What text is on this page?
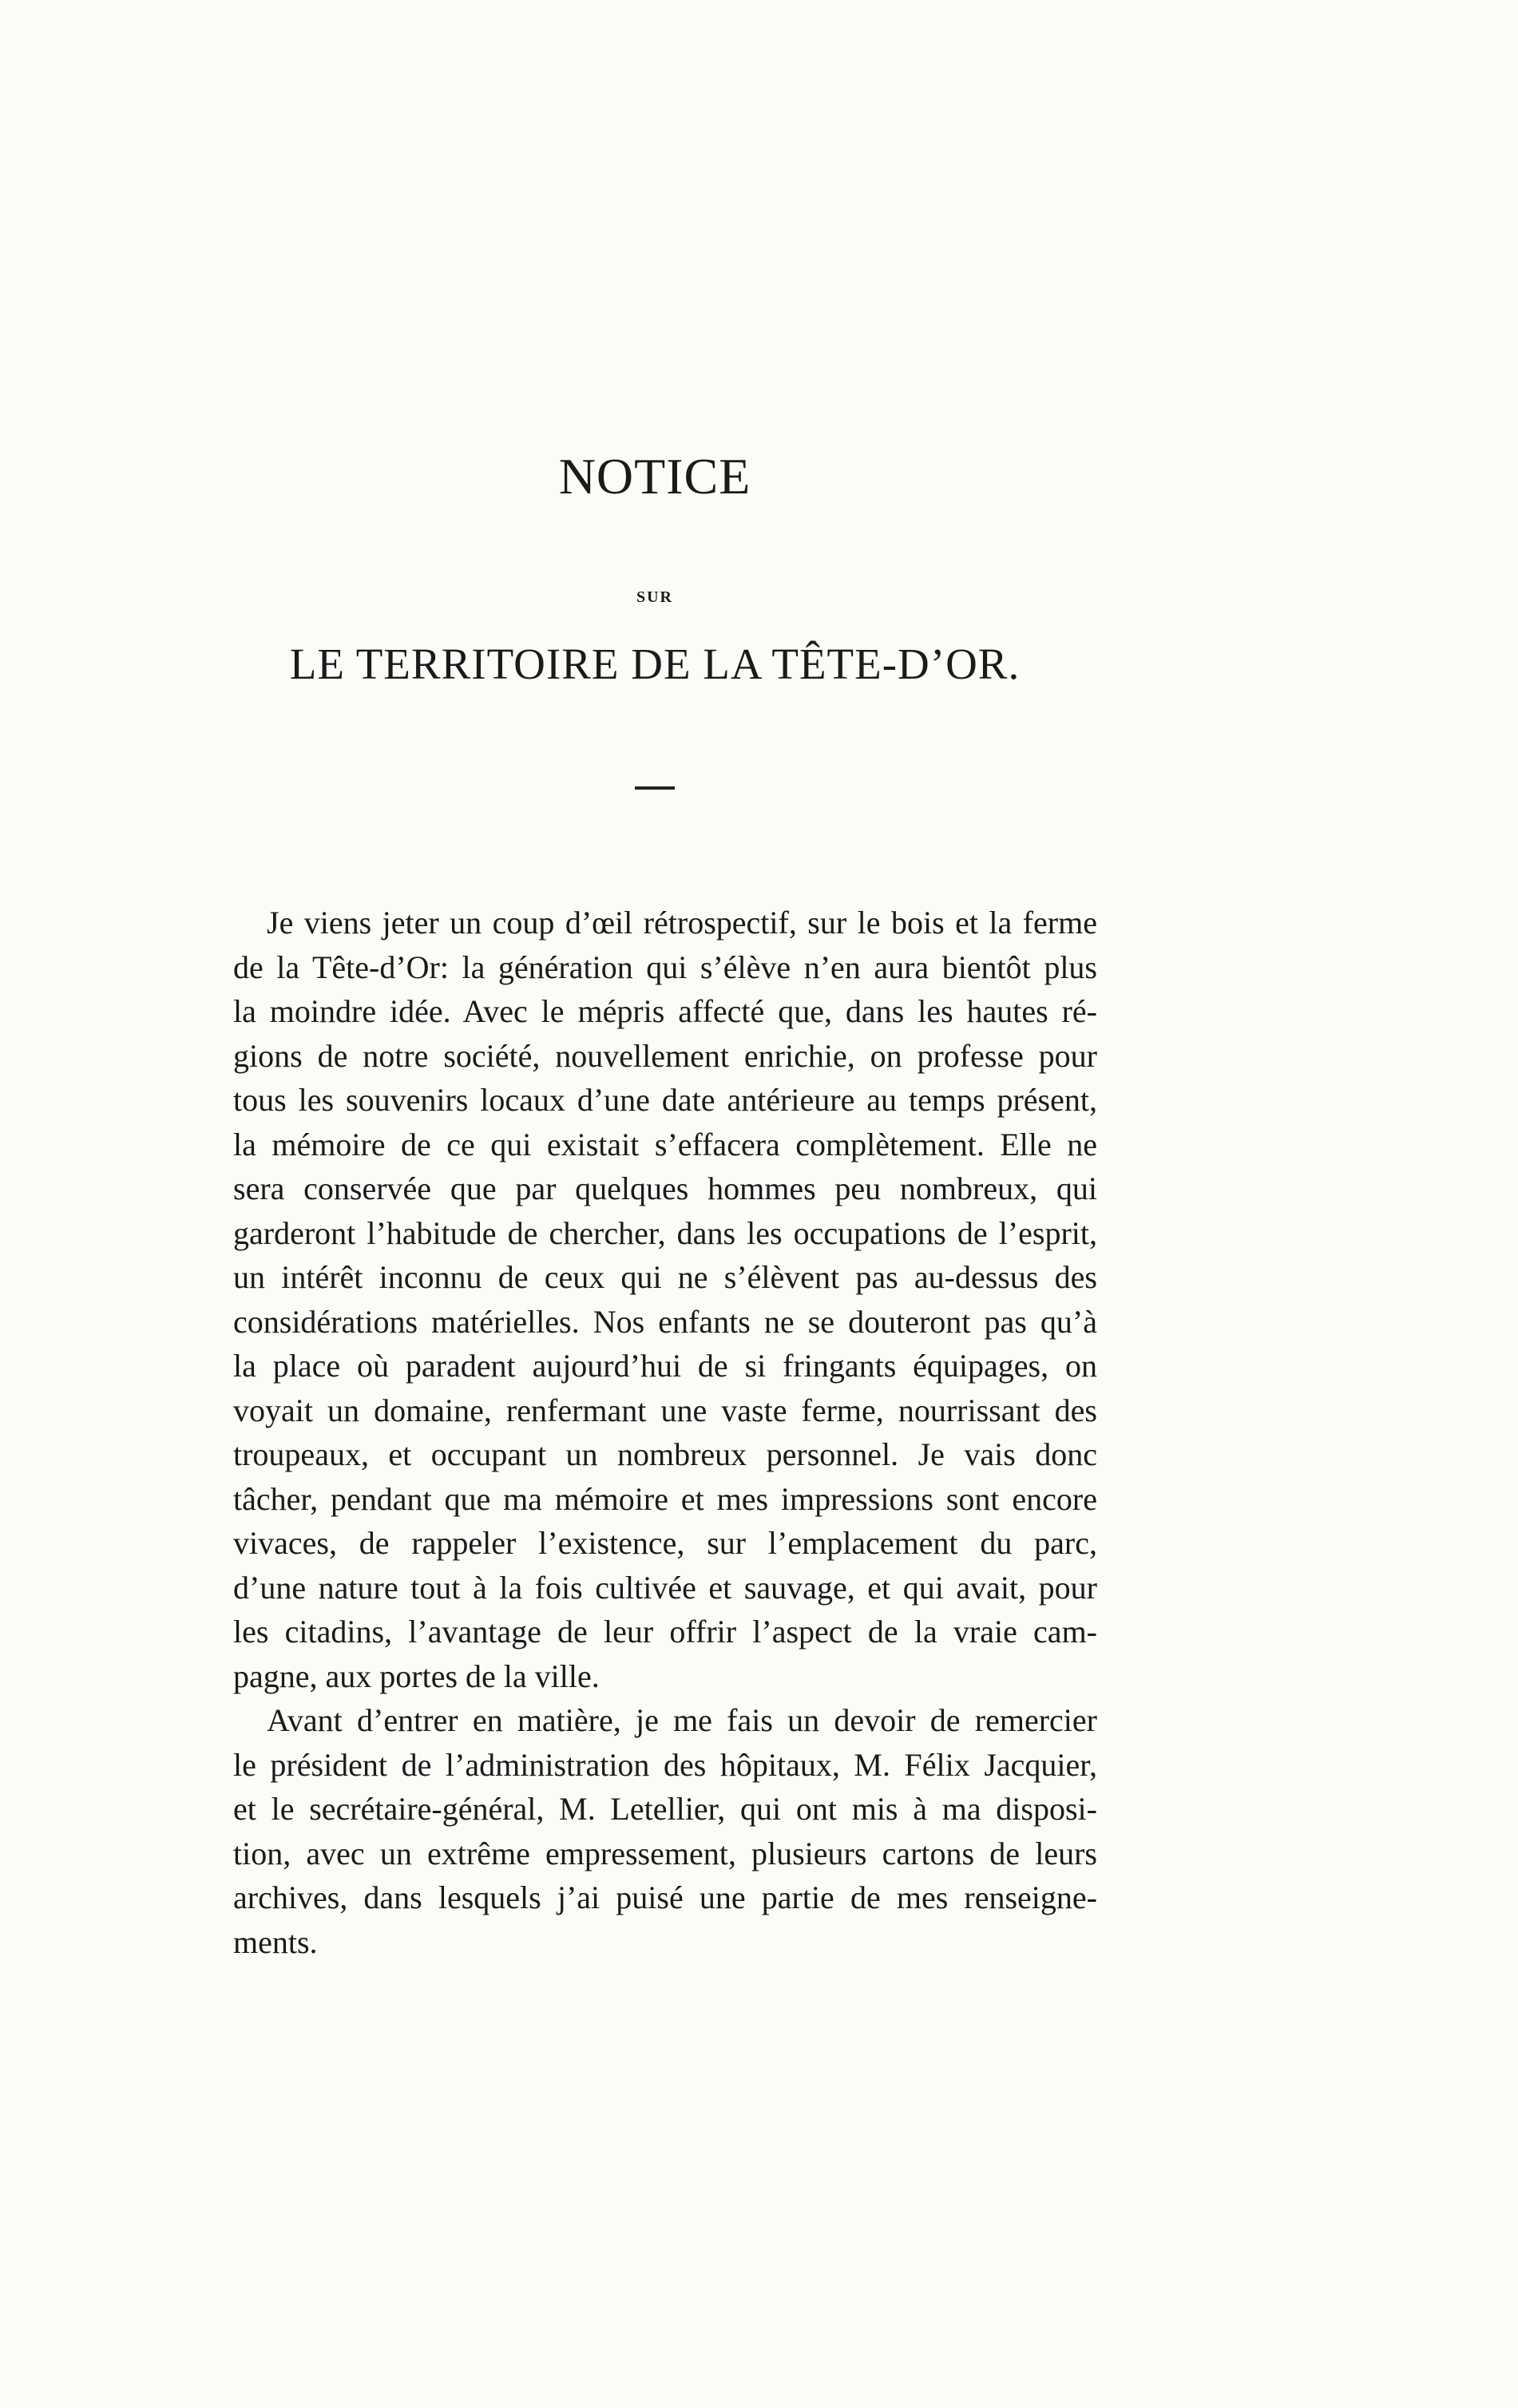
NOTICE
SUR
LE TERRITOIRE DE LA TÊTE-D’OR.
Je viens jeter un coup d’œil rétrospectif, sur le bois et la ferme
de la Tête-d’Or: la génération qui s’élève n’en aura bientôt plus
la moindre idée. Avec le mépris affecté que, dans les hautes ré-
gions de notre société, nouvellement enrichie, on professe pour
tous les souvenirs locaux d’une date antérieure au temps présent,
la mémoire de ce qui existait s’effacera complètement. Elle ne
sera conservée que par quelques hommes peu nombreux, qui
garderont l’habitude de chercher, dans les occupations de l’esprit,
un intérêt inconnu de ceux qui ne s’élèvent pas au-dessus des
considérations matérielles. Nos enfants ne se douteront pas qu’à
la place où paradent aujourd’hui de si fringants équipages, on
voyait un domaine, renfermant une vaste ferme, nourrissant des
troupeaux, et occupant un nombreux personnel. Je vais donc
tâcher, pendant que ma mémoire et mes impressions sont encore
vivaces, de rappeler l’existence, sur l’emplacement du parc,
d’une nature tout à la fois cultivée et sauvage, et qui avait, pour
les citadins, l’avantage de leur offrir l’aspect de la vraie cam-
pagne, aux portes de la ville.
Avant d’entrer en matière, je me fais un devoir de remercier
le président de l’administration des hôpitaux, M. Félix Jacquier,
et le secrétaire-général, M. Letellier, qui ont mis à ma disposi-
tion, avec un extrême empressement, plusieurs cartons de leurs
archives, dans lesquels j’ai puisé une partie de mes renseigne-
ments.
